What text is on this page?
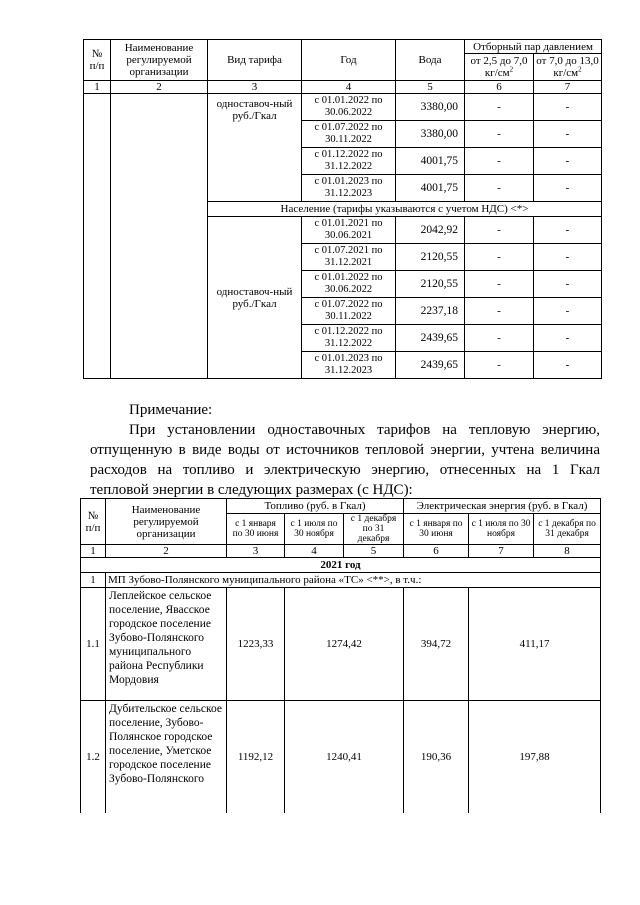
№ п/п	Наименование регулируемой организации	Вид тарифа	Год	Вода	Отборный пар давлением	
					от 2,5 до 7,0 $кг/см^2$	от 7,0 до 13,0 $кг/см^2$
1	2	3	4	5	6	7
		одноставоч-ный руб./Гкал	с 01.01.2022 по 30.06.2022	3380,00	-	-
			с 01.07.2022 по 30.11.2022	3380,00	-	-
			с 01.12.2022 по 31.12.2022	4001,75	-	-
			с 01.01.2023 по 31.12.2023	4001,75	-	-
		Население (тарифы указываются с учетом НДС) <*>				
		одноставоч-ный руб./Гкал	с 01.01.2021 по 30.06.2021	2042,92	-	-
			с 01.07.2021 по 31.12.2021	2120,55	-	-
			с 01.01.2022 по 30.06.2022	2120,55	-	-
			с 01.07.2022 по 30.11.2022	2237,18	-	-
			с 01.12.2022 по 31.12.2022	2439,65	-	-
			с 01.01.2023 по 31.12.2023	2439,65	-	-
Примечание:
При установлении одноставочных тарифов на тепловую энергию, отпущенную в виде воды от источников тепловой энергии, учтена величина расходов на топливо и электрическую энергию, отнесенных на 1 Гкал тепловой энергии в следующих размерах (с НДС):
№ п/п	Наименование регулируемой организации	Топливо (руб. в Гкал)			Электрическая энергия (руб. в Гкал)		

		с 1 января по 30 июня	с 1 июля по 30 ноября	с 1 декабря по 31 декабря	с 1 января по 30 июня	с 1 июля по 30 ноября	с 1 декабря по 31 декабря
1	2	3	4	5	6	7	8
2021 год							
1	МП Зубово-Полянского муниципального района «ТС» <**>, в т.ч.:						
1.1	Леплейское сельское поселение, Явасское городское поселение Зубово-Полянского муниципального района Республики Мордовия	1223,33	1274,42		394,72	411,17	
1.2	Дубительское сельское поселение, Зубово-Полянское городское поселение, Уметское городское поселение Зубово-Полянского	1192,12	1240,41		190,36	197,88	
